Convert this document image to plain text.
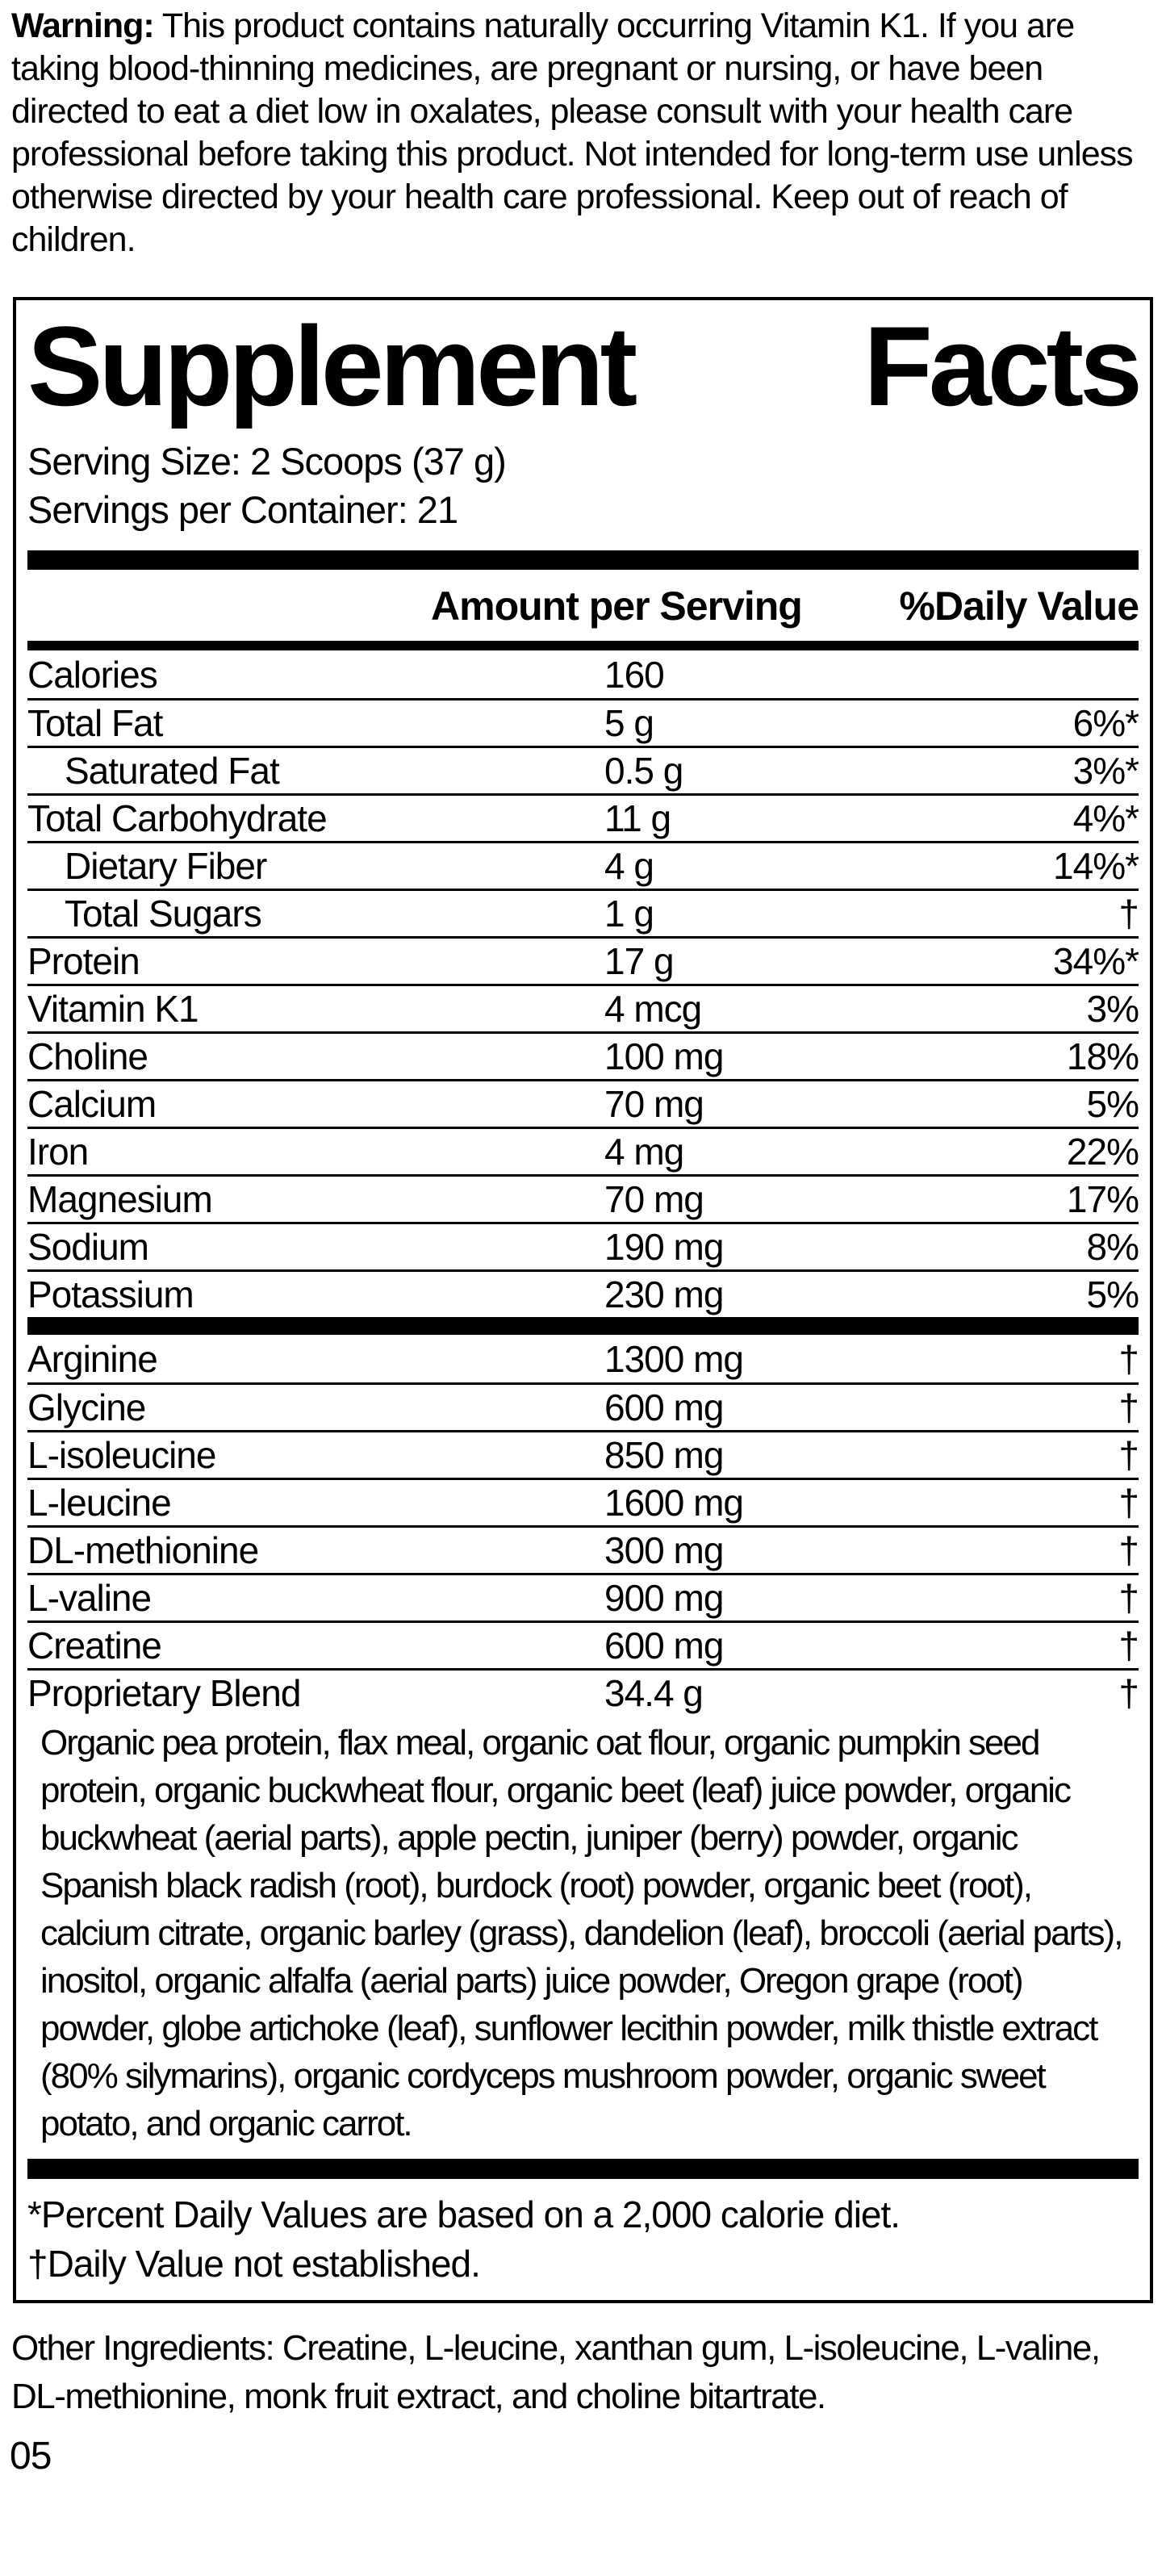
Warning: This product contains naturally occurring Vitamin K1. If you are taking blood-thinning medicines, are pregnant or nursing, or have been directed to eat a diet low in oxalates, please consult with your health care professional before taking this product. Not intended for long-term use unless otherwise directed by your health care professional. Keep out of reach of children.

Supplement Facts
Serving Size: 2 Scoops (37 g)
Servings per Container: 21
Amount per Serving %Daily Value
Calories	160
Total Fat	5 g	6%*
Saturated Fat	0.5 g	3%*
Total Carbohydrate	11 g	4%*
Dietary Fiber	4 g	14%*
Total Sugars	1 g	†
Protein	17 g	34%*
Vitamin K1	4 mcg	3%
Choline	100 mg	18%
Calcium	70 mg	5%
Iron	4 mg	22%
Magnesium	70 mg	17%
Sodium	190 mg	8%
Potassium	230 mg	5%
Arginine	1300 mg	†
Glycine	600 mg	†
L-isoleucine	850 mg	†
L-leucine	1600 mg	†
DL-methionine	300 mg	†
L-valine	900 mg	†
Creatine	600 mg	†
Proprietary Blend	34.4 g	†
Organic pea protein, flax meal, organic oat flour, organic pumpkin seed protein, organic buckwheat flour, organic beet (leaf) juice powder, organic buckwheat (aerial parts), apple pectin, juniper (berry) powder, organic Spanish black radish (root), burdock (root) powder, organic beet (root), calcium citrate, organic barley (grass), dandelion (leaf), broccoli (aerial parts), inositol, organic alfalfa (aerial parts) juice powder, Oregon grape (root) powder, globe artichoke (leaf), sunflower lecithin powder, milk thistle extract (80% silymarins), organic cordyceps mushroom powder, organic sweet potato, and organic carrot.
*Percent Daily Values are based on a 2,000 calorie diet.
†Daily Value not established.

Other Ingredients: Creatine, L-leucine, xanthan gum, L-isoleucine, L-valine, DL-methionine, monk fruit extract, and choline bitartrate.

05
